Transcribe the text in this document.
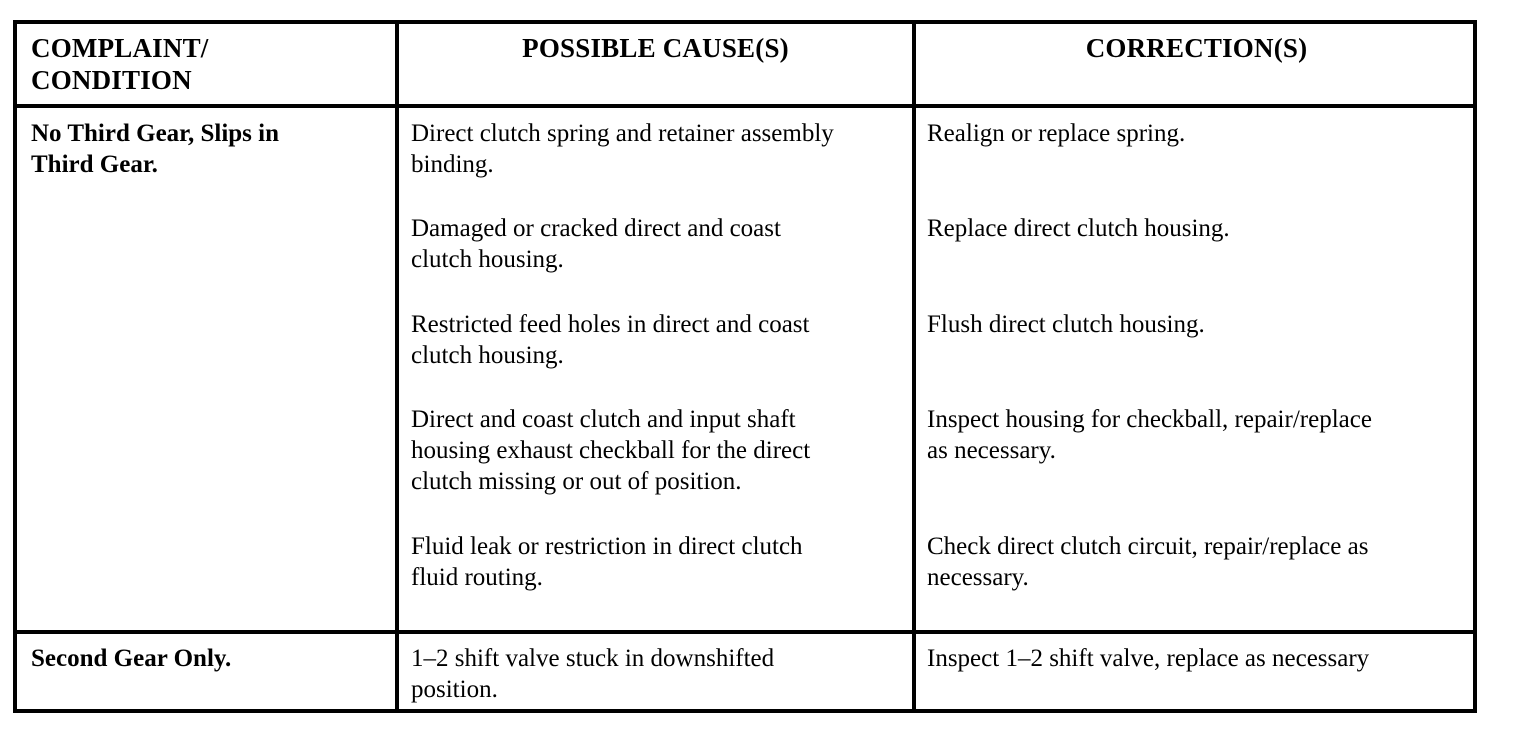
COMPLAINT/
CONDITION
POSSIBLE CAUSE(S)	CORRECTION(S)
No Third Gear, Slips in
Third Gear.
Direct clutch spring and retainer assembly
binding.
Realign or replace spring.
Damaged or cracked direct and coast
clutch housing.
Replace direct clutch housing.
Restricted feed holes in direct and coast
clutch housing.
Flush direct clutch housing.
Direct and coast clutch and input shaft
housing exhaust checkball for the direct
clutch missing or out of position.
Inspect housing for checkball, repair/replace
as necessary.
Fluid leak or restriction in direct clutch
fluid routing.
Check direct clutch circuit, repair/replace as
necessary.
Second Gear Only.	1–2 shift valve stuck in downshifted
position.
Inspect 1–2 shift valve, replace as necessary
